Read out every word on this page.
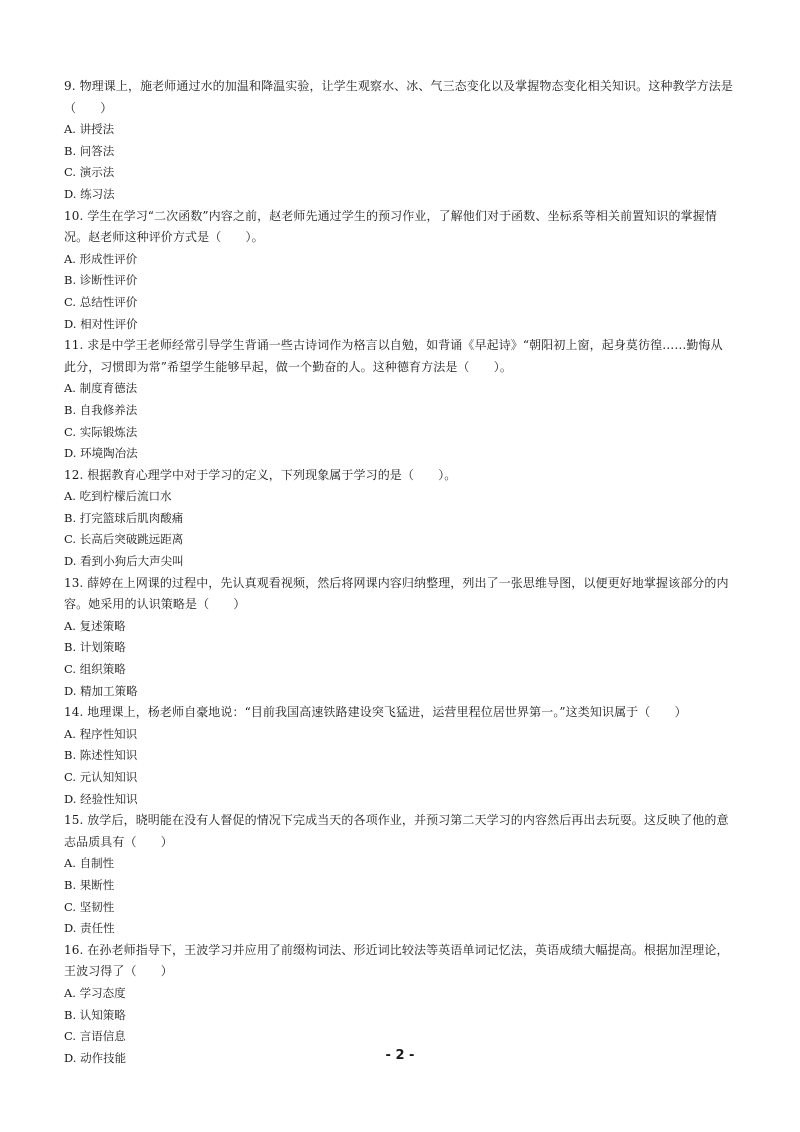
9. 物理课上，施老师通过水的加温和降温实验，让学生观察水、冰、气三态变化以及掌握物态变化相关知识。这种教学方法是（　　）

A. 讲授法

B. 问答法

C. 演示法

D. 练习法

10. 学生在学习“二次函数”内容之前，赵老师先通过学生的预习作业，了解他们对于函数、坐标系等相关前置知识的掌握情况。赵老师这种评价方式是（　　）。

A. 形成性评价

B. 诊断性评价

C. 总结性评价

D. 相对性评价

11. 求是中学王老师经常引导学生背诵一些古诗词作为格言以自勉，如背诵《早起诗》“朝阳初上窗，起身莫彷徨……勤悔从此分，习惯即为常”希望学生能够早起，做一个勤奋的人。这种德育方法是（　　）。

A. 制度育德法

B. 自我修养法

C. 实际锻炼法

D. 环境陶冶法

12. 根据教育心理学中对于学习的定义，下列现象属于学习的是（　　）。

A. 吃到柠檬后流口水

B. 打完篮球后肌肉酸痛

C. 长高后突破跳远距离

D. 看到小狗后大声尖叫

13. 薛婷在上网课的过程中，先认真观看视频，然后将网课内容归纳整理，列出了一张思维导图，以便更好地掌握该部分的内容。她采用的认识策略是（　　）

A. 复述策略

B. 计划策略

C. 组织策略

D. 精加工策略

14. 地理课上，杨老师自豪地说：“目前我国高速铁路建设突飞猛进，运营里程位居世界第一。”这类知识属于（　　）

A. 程序性知识

B. 陈述性知识

C. 元认知知识

D. 经验性知识

15. 放学后，晓明能在没有人督促的情况下完成当天的各项作业，并预习第二天学习的内容然后再出去玩耍。这反映了他的意志品质具有（　　）

A. 自制性

B. 果断性

C. 坚韧性

D. 责任性

16. 在孙老师指导下，王波学习并应用了前缀构词法、形近词比较法等英语单词记忆法，英语成绩大幅提高。根据加涅理论，王波习得了（　　）

A. 学习态度

B. 认知策略

C. 言语信息

D. 动作技能	- 2 -
